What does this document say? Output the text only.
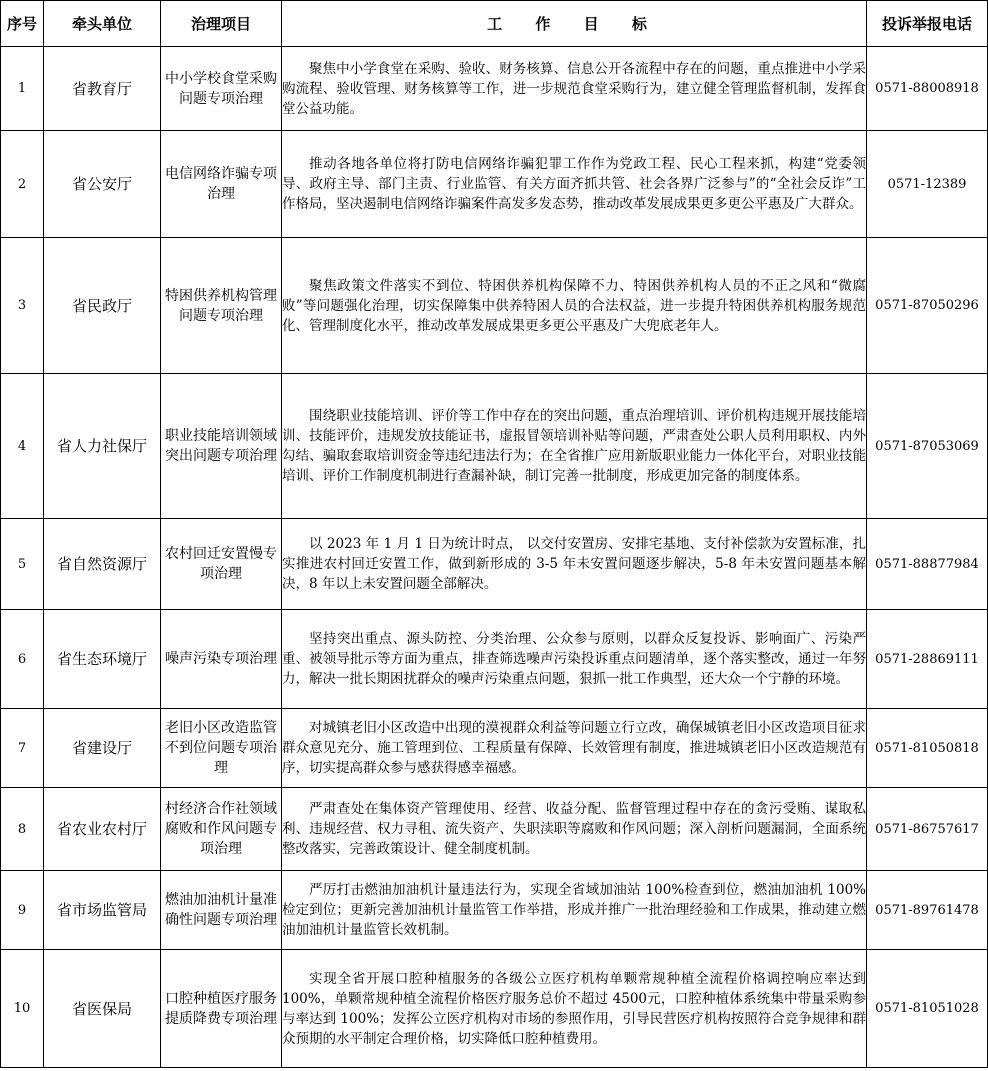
序号	牵头单位	治理项目	工 作 目 标	投诉举报电话
1	省教育厅	中小学校食堂采购问题专项治理	聚焦中小学食堂在采购、验收、财务核算、信息公开各流程中存在的问题，重点推进中小学采购流程、验收管理、财务核算等工作，进一步规范食堂采购行为，建立健全管理监督机制，发挥食堂公益功能。	0571-88008918
2	省公安厅	电信网络诈骗专项治理	推动各地各单位将打防电信网络诈骗犯罪工作作为党政工程、民心工程来抓，构建“党委领导、政府主导、部门主责、行业监管、有关方面齐抓共管、社会各界广泛参与”的“全社会反诈”工作格局，坚决遏制电信网络诈骗案件高发多发态势，推动改革发展成果更多更公平惠及广大群众。	0571-12389
3	省民政厅	特困供养机构管理问题专项治理	聚焦政策文件落实不到位、特困供养机构保障不力、特困供养机构人员的不正之风和“微腐败”等问题强化治理，切实保障集中供养特困人员的合法权益，进一步提升特困供养机构服务规范化、管理制度化水平，推动改革发展成果更多更公平惠及广大兜底老年人。	0571-87050296
4	省人力社保厅	职业技能培训领域突出问题专项治理	围绕职业技能培训、评价等工作中存在的突出问题，重点治理培训、评价机构违规开展技能培训、技能评价，违规发放技能证书，虚报冒领培训补贴等问题，严肃查处公职人员利用职权、内外勾结、骗取套取培训资金等违纪违法行为；在全省推广应用新版职业能力一体化平台，对职业技能培训、评价工作制度机制进行查漏补缺，制订完善一批制度，形成更加完备的制度体系。	0571-87053069
5	省自然资源厅	农村回迁安置慢专项治理	以 2023 年 1 月 1 日为统计时点， 以交付安置房、安排宅基地、支付补偿款为安置标准，扎实推进农村回迁安置工作，做到新形成的 3-5 年未安置问题逐步解决，5-8 年未安置问题基本解决，8 年以上未安置问题全部解决。	0571-88877984
6	省生态环境厅	噪声污染专项治理	坚持突出重点、源头防控、分类治理、公众参与原则，以群众反复投诉、影响面广、污染严重、被领导批示等方面为重点，排查筛选噪声污染投诉重点问题清单，逐个落实整改，通过一年努力，解决一批长期困扰群众的噪声污染重点问题，狠抓一批工作典型，还大众一个宁静的环境。	0571-28869111
7	省建设厅	老旧小区改造监管不到位问题专项治理	对城镇老旧小区改造中出现的漠视群众利益等问题立行立改，确保城镇老旧小区改造项目征求群众意见充分、施工管理到位、工程质量有保障、长效管理有制度，推进城镇老旧小区改造规范有序，切实提高群众参与感获得感幸福感。	0571-81050818
8	省农业农村厅	村经济合作社领域腐败和作风问题专项治理	严肃查处在集体资产管理使用、经营、收益分配、监督管理过程中存在的贪污受贿、谋取私利、违规经营、权力寻租、流失资产、失职渎职等腐败和作风问题；深入剖析问题漏洞，全面系统整改落实，完善政策设计、健全制度机制。	0571-86757617
9	省市场监管局	燃油加油机计量准确性问题专项治理	严厉打击燃油加油机计量违法行为，实现全省域加油站 100%检查到位，燃油加油机 100%检定到位；更新完善加油机计量监管工作举措，形成并推广一批治理经验和工作成果，推动建立燃油加油机计量监管长效机制。	0571-89761478
10	省医保局	口腔种植医疗服务提质降费专项治理	实现全省开展口腔种植服务的各级公立医疗机构单颗常规种植全流程价格调控响应率达到 100%，单颗常规种植全流程价格医疗服务总价不超过 4500元，口腔种植体系统集中带量采购参与率达到 100%；发挥公立医疗机构对市场的参照作用，引导民营医疗机构按照符合竞争规律和群众预期的水平制定合理价格，切实降低口腔种植费用。	0571-81051028
